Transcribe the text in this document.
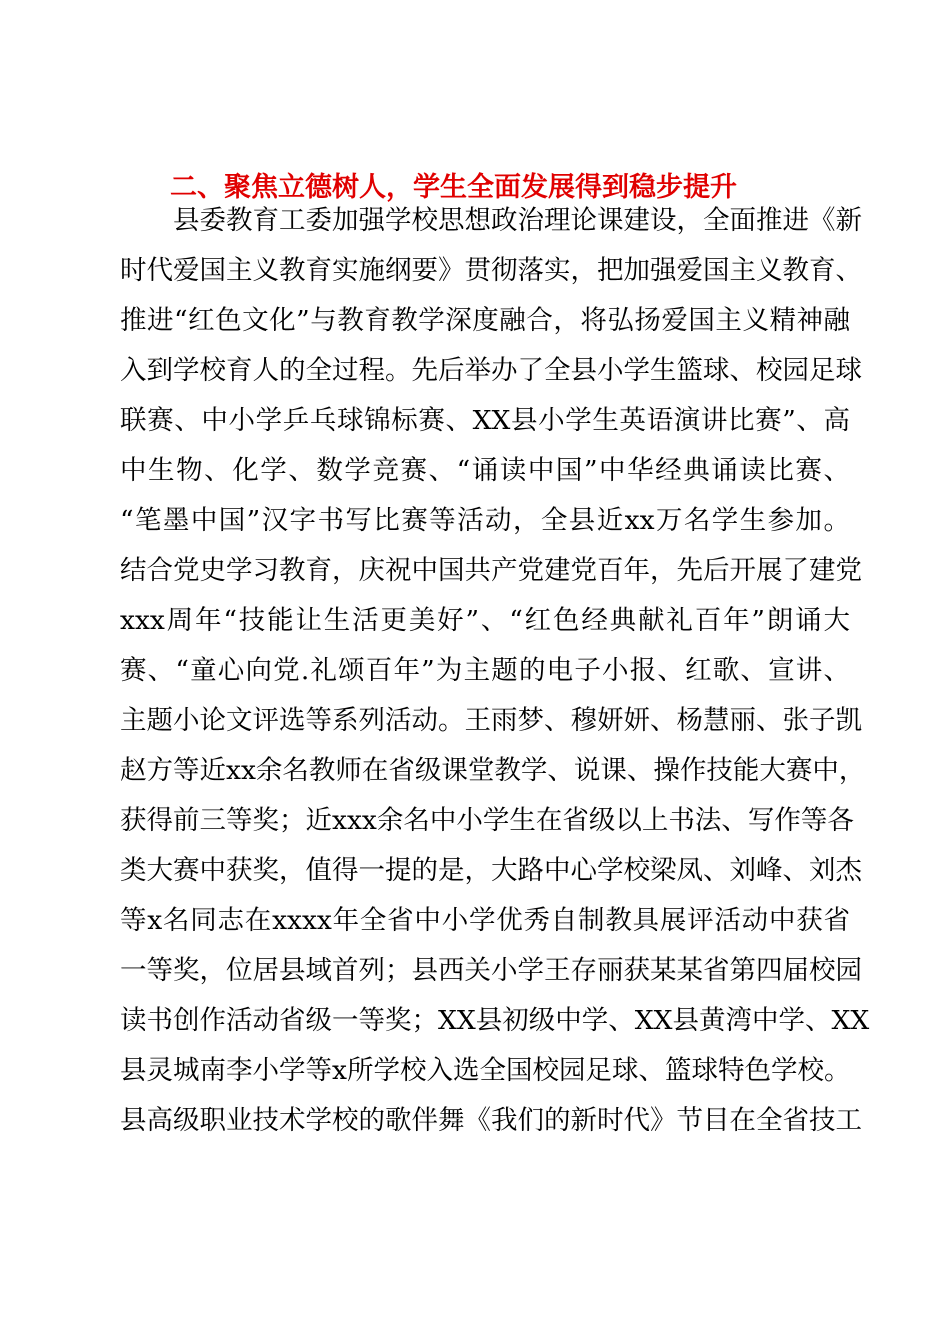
二、聚焦立德树人，学生全面发展得到稳步提升
县委教育工委加强学校思想政治理论课建设，全面推进《新
时代爱国主义教育实施纲要》贯彻落实，把加强爱国主义教育、
推进“红色文化”与教育教学深度融合，将弘扬爱国主义精神融
入到学校育人的全过程。先后举办了全县小学生篮球、校园足球
联赛、中小学乒乓球锦标赛、XX县小学生英语演讲比赛”、高
中生物、化学、数学竞赛、“诵读中国”中华经典诵读比赛、
“笔墨中国”汉字书写比赛等活动，全县近xx万名学生参加。
结合党史学习教育，庆祝中国共产党建党百年，先后开展了建党
xxx周年“技能让生活更美好”、“红色经典献礼百年”朗诵大
赛、“童心向党.礼颂百年”为主题的电子小报、红歌、宣讲、
主题小论文评选等系列活动。王雨梦、穆妍妍、杨慧丽、张子凯
赵方等近xx余名教师在省级课堂教学、说课、操作技能大赛中，
获得前三等奖；近xxx余名中小学生在省级以上书法、写作等各
类大赛中获奖，值得一提的是，大路中心学校梁凤、刘峰、刘杰
等x名同志在xxxx年全省中小学优秀自制教具展评活动中获省
一等奖，位居县域首列；县西关小学王存丽获某某省第四届校园
读书创作活动省级一等奖；XX县初级中学、XX县黄湾中学、XX
县灵城南李小学等x所学校入选全国校园足球、篮球特色学校。
县高级职业技术学校的歌伴舞《我们的新时代》节目在全省技工
